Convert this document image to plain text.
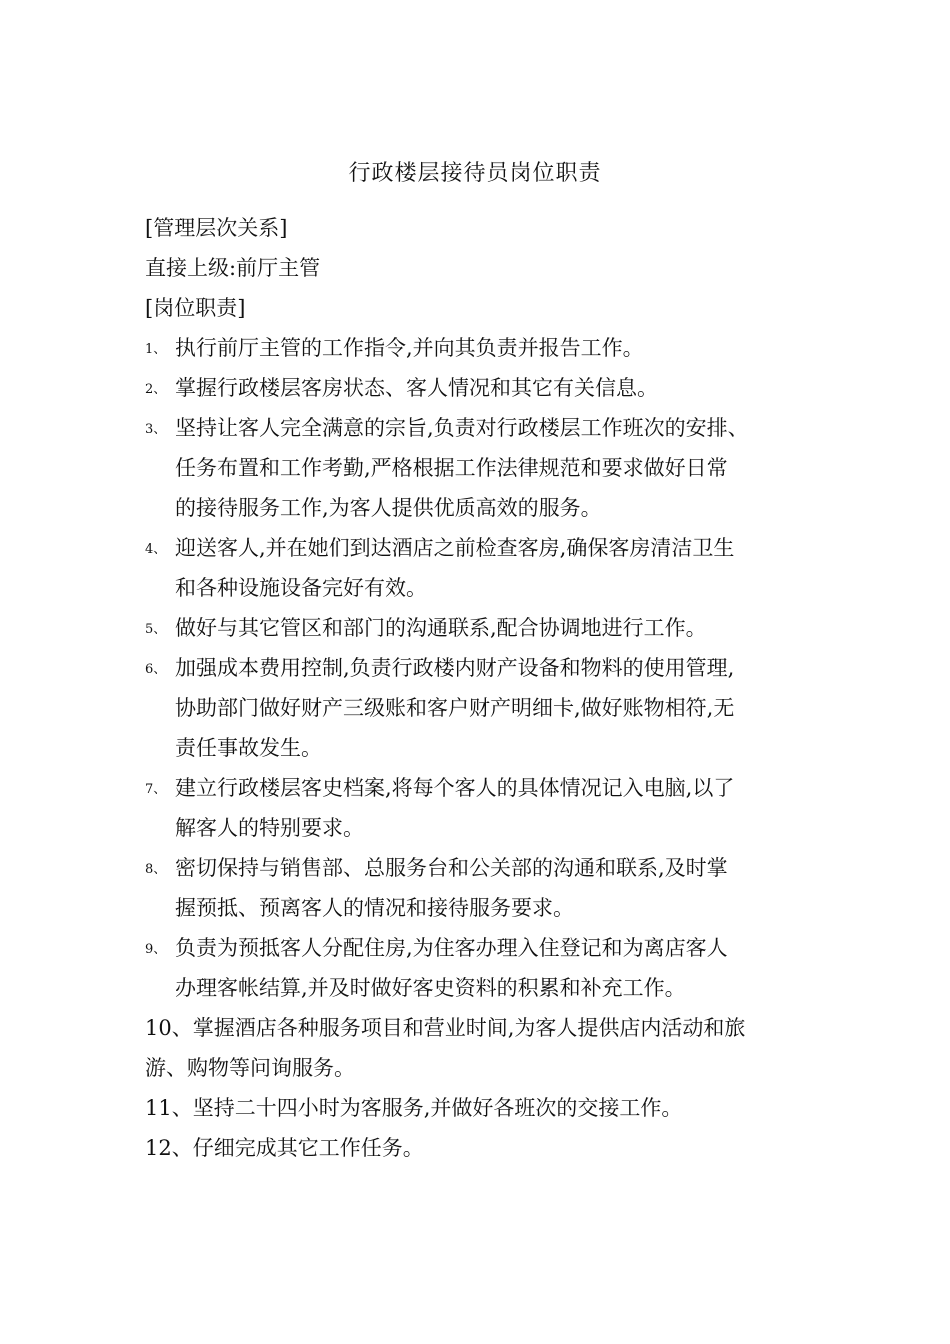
行政楼层接待员岗位职责
[管理层次关系]
直接上级:前厅主管
[岗位职责]
1、 执行前厅主管的工作指令,并向其负责并报告工作。
2、 掌握行政楼层客房状态、客人情况和其它有关信息。
3、 坚持让客人完全满意的宗旨,负责对行政楼层工作班次的安排、
任务布置和工作考勤,严格根据工作法律规范和要求做好日常
的接待服务工作,为客人提供优质高效的服务。
4、 迎送客人,并在她们到达酒店之前检查客房,确保客房清洁卫生
和各种设施设备完好有效。
5、 做好与其它管区和部门的沟通联系,配合协调地进行工作。
6、 加强成本费用控制,负责行政楼内财产设备和物料的使用管理,
协助部门做好财产三级账和客户财产明细卡,做好账物相符,无
责任事故发生。
7、 建立行政楼层客史档案,将每个客人的具体情况记入电脑,以了
解客人的特别要求。
8、 密切保持与销售部、总服务台和公关部的沟通和联系,及时掌
握预抵、预离客人的情况和接待服务要求。
9、 负责为预抵客人分配住房,为住客办理入住登记和为离店客人
办理客帐结算,并及时做好客史资料的积累和补充工作。
10、掌握酒店各种服务项目和营业时间,为客人提供店内活动和旅
游、购物等问询服务。
11、坚持二十四小时为客服务,并做好各班次的交接工作。
12、仔细完成其它工作任务。
